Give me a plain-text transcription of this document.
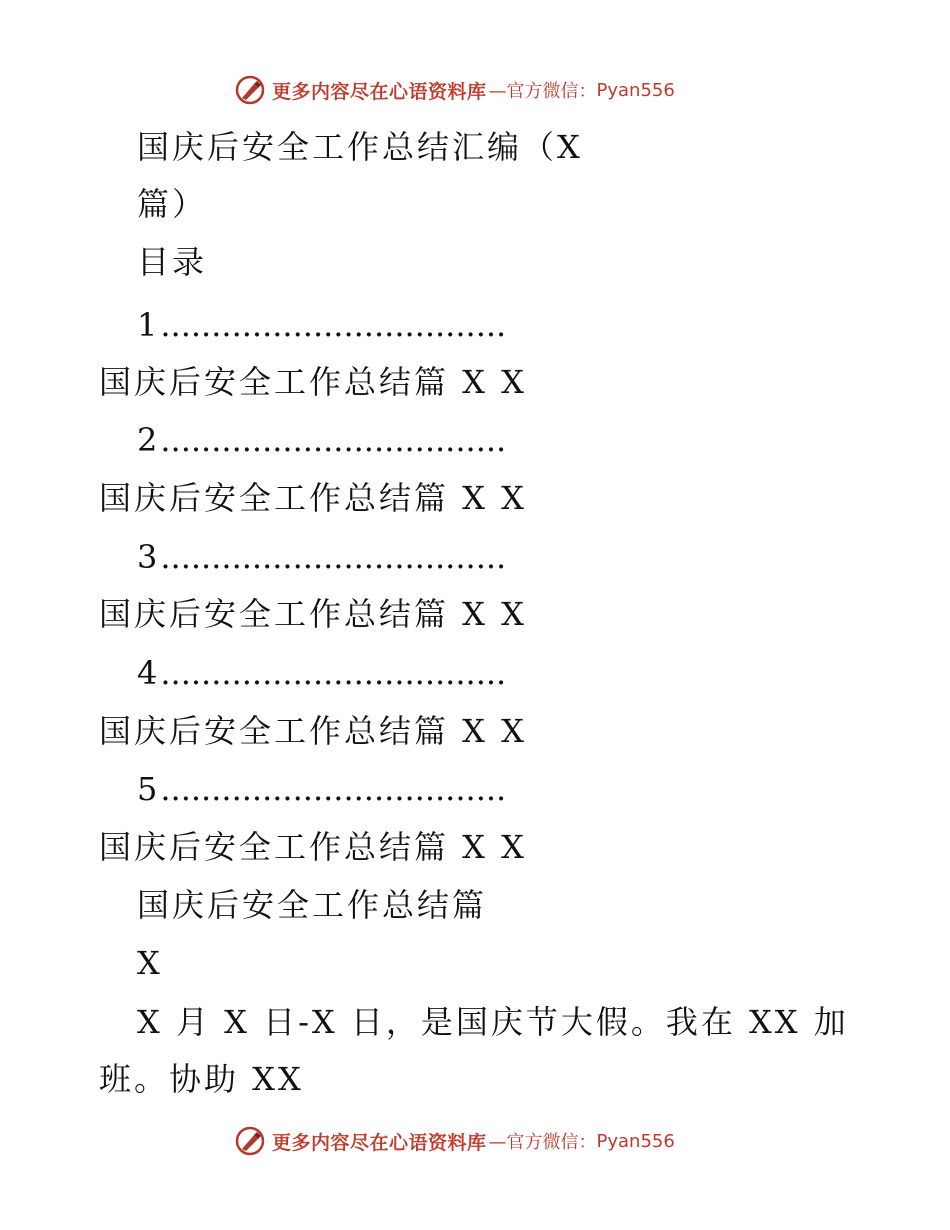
更多内容尽在心语资料库 —官方微信： Pyan556
国庆后安全工作总结汇编（X
篇）
目录
1..................................
国庆后安全工作总结篇 X X
2..................................
国庆后安全工作总结篇 X X
3..................................
国庆后安全工作总结篇 X X
4..................................
国庆后安全工作总结篇 X X
5..................................
国庆后安全工作总结篇 X X
国庆后安全工作总结篇
X
X 月 X 日-X 日，是国庆节大假。我在 XX 加
班。协助 XX
更多内容尽在心语资料库 —官方微信： Pyan556
